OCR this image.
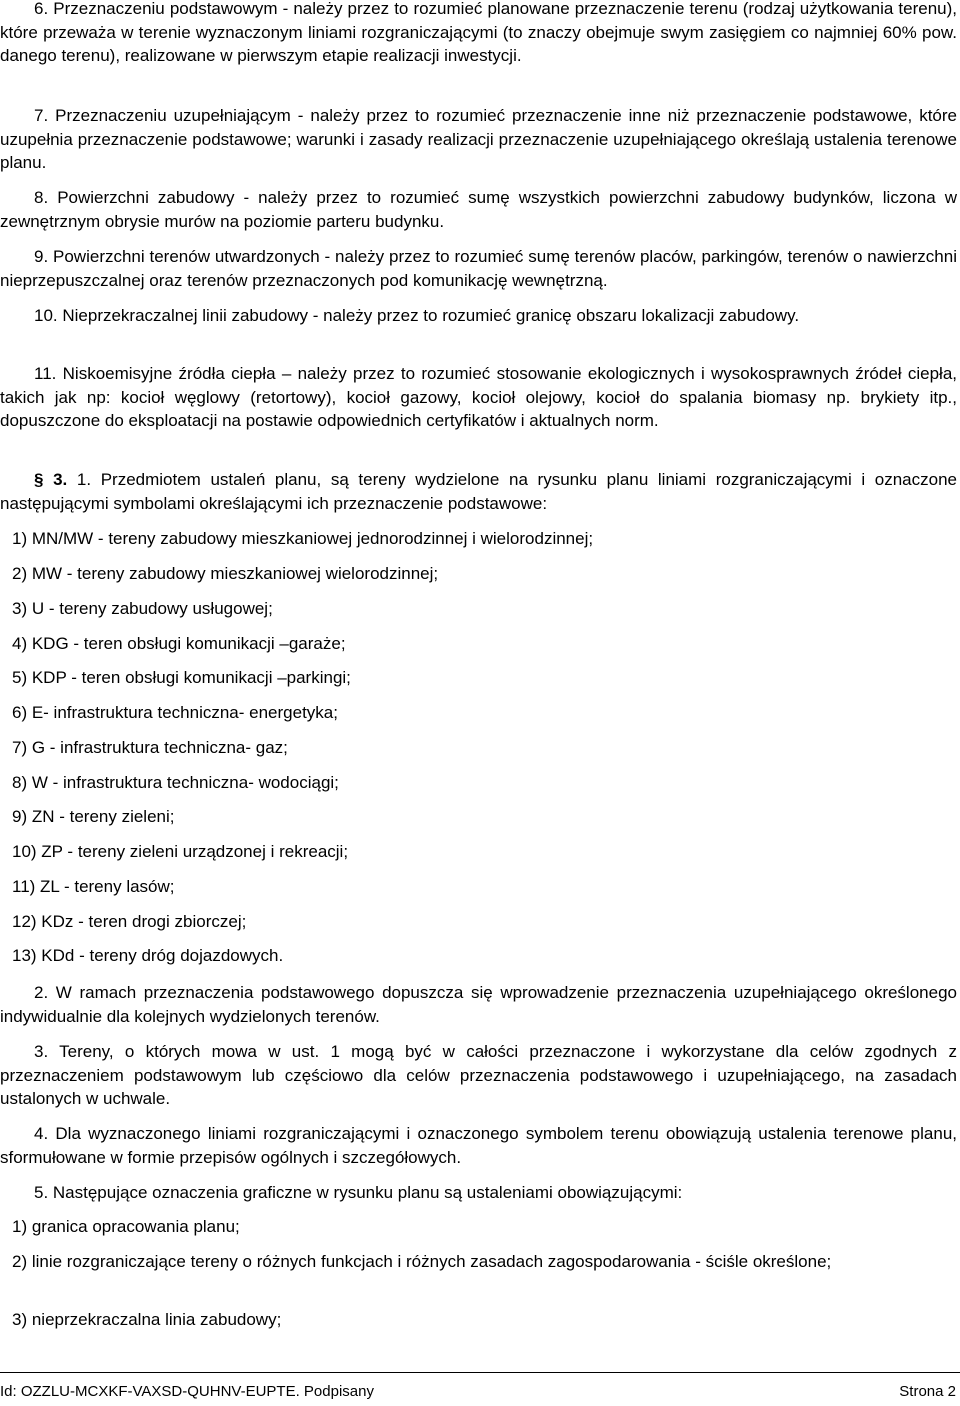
6. Przeznaczeniu podstawowym - należy przez to rozumieć planowane przeznaczenie terenu (rodzaj użytkowania terenu), które przeważa w terenie wyznaczonym liniami rozgraniczającymi (to znaczy obejmuje swym zasięgiem co najmniej 60% pow. danego terenu), realizowane w pierwszym etapie realizacji inwestycji.

7. Przeznaczeniu uzupełniającym - należy przez to rozumieć przeznaczenie inne niż przeznaczenie podstawowe, które uzupełnia przeznaczenie podstawowe; warunki i zasady realizacji przeznaczenie uzupełniającego określają ustalenia terenowe planu.

8. Powierzchni zabudowy - należy przez to rozumieć sumę wszystkich powierzchni zabudowy budynków, liczona w zewnętrznym obrysie murów na poziomie parteru budynku.

9. Powierzchni terenów utwardzonych - należy przez to rozumieć sumę terenów placów, parkingów, terenów o nawierzchni nieprzepuszczalnej oraz terenów przeznaczonych pod komunikację wewnętrzną.

10. Nieprzekraczalnej linii zabudowy - należy przez to rozumieć granicę obszaru lokalizacji zabudowy.

11. Niskoemisyjne źródła ciepła – należy przez to rozumieć stosowanie ekologicznych i wysokosprawnych źródeł ciepła, takich jak np: kocioł węglowy (retortowy), kocioł gazowy, kocioł olejowy, kocioł do spalania biomasy np. brykiety itp., dopuszczone do eksploatacji na postawie odpowiednich certyfikatów i aktualnych norm.

§ 3. 1. Przedmiotem ustaleń planu, są tereny wydzielone na rysunku planu liniami rozgraniczającymi i oznaczone następującymi symbolami określającymi ich przeznaczenie podstawowe:

1) MN/MW - tereny zabudowy mieszkaniowej jednorodzinnej i wielorodzinnej;

2) MW - tereny zabudowy mieszkaniowej wielorodzinnej;

3) U - tereny zabudowy usługowej;

4) KDG - teren obsługi komunikacji –garaże;

5) KDP - teren obsługi komunikacji –parkingi;

6) E- infrastruktura techniczna- energetyka;

7) G - infrastruktura techniczna- gaz;

8) W - infrastruktura techniczna- wodociągi;

9) ZN - tereny zieleni;

10) ZP - tereny zieleni urządzonej i rekreacji;

11) ZL - tereny lasów;

12) KDz - teren drogi zbiorczej;

13) KDd - tereny dróg dojazdowych.

2. W ramach przeznaczenia podstawowego dopuszcza się wprowadzenie przeznaczenia uzupełniającego określonego indywidualnie dla kolejnych wydzielonych terenów.

3. Tereny, o których mowa w ust. 1 mogą być w całości przeznaczone i wykorzystane dla celów zgodnych z przeznaczeniem podstawowym lub częściowo dla celów przeznaczenia podstawowego i uzupełniającego, na zasadach ustalonych w uchwale.

4. Dla wyznaczonego liniami rozgraniczającymi i oznaczonego symbolem terenu obowiązują ustalenia terenowe planu, sformułowane w formie przepisów ogólnych i szczegółowych.

5. Następujące oznaczenia graficzne w rysunku planu są ustaleniami obowiązującymi:

1) granica opracowania planu;

2) linie rozgraniczające tereny o różnych funkcjach i różnych zasadach zagospodarowania - ściśle określone;

3) nieprzekraczalna linia zabudowy;

Id: OZZLU-MCXKF-VAXSD-QUHNV-EUPTE. Podpisany	Strona 2
